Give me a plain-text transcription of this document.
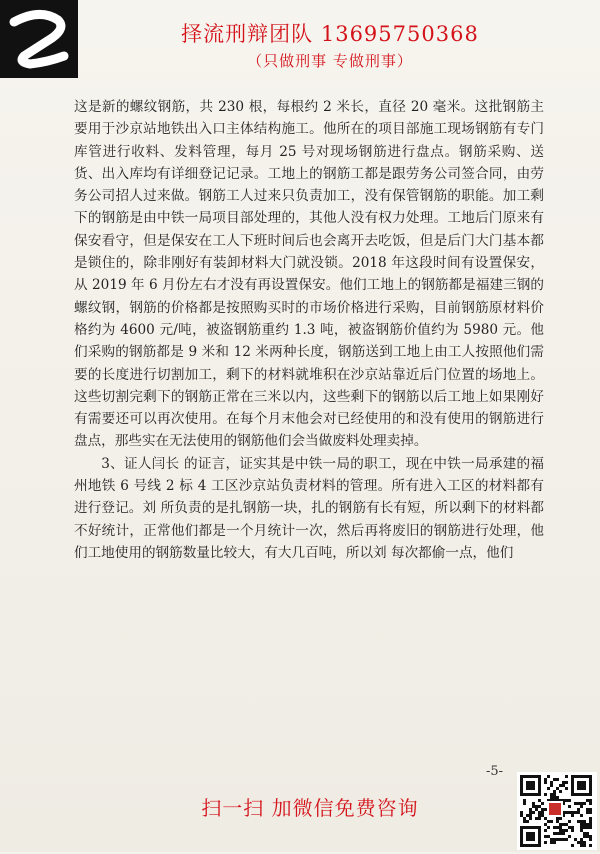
择流刑辩团队 13695750368
（只做刑事 专做刑事）

这是新的螺纹钢筋，共 230 根，每根约 2 米长，直径 20 毫米。这批钢筋主要用于沙京站地铁出入口主体结构施工。他所在的项目部施工现场钢筋有专门库管进行收料、发料管理，每月 25 号对现场钢筋进行盘点。钢筋采购、送货、出入库均有详细登记记录。工地上的钢筋工都是跟劳务公司签合同，由劳务公司招人过来做。钢筋工人过来只负责加工，没有保管钢筋的职能。加工剩下的钢筋是由中铁一局项目部处理的，其他人没有权力处理。工地后门原来有保安看守，但是保安在工人下班时间后也会离开去吃饭，但是后门大门基本都是锁住的，除非刚好有装卸材料大门就没锁。2018 年这段时间有设置保安，从 2019 年 6 月份左右才没有再设置保安。他们工地上的钢筋都是福建三钢的螺纹钢，钢筋的价格都是按照购买时的市场价格进行采购，目前钢筋原材料价格约为 4600 元/吨，被盗钢筋重约 1.3 吨，被盗钢筋价值约为 5980 元。他们采购的钢筋都是 9 米和 12 米两种长度，钢筋送到工地上由工人按照他们需要的长度进行切割加工，剩下的材料就堆积在沙京站靠近后门位置的场地上。这些切割完剩下的钢筋正常在三米以内，这些剩下的钢筋以后工地上如果刚好有需要还可以再次使用。在每个月末他会对已经使用的和没有使用的钢筋进行盘点，那些实在无法使用的钢筋他们会当做废料处理卖掉。

3、证人闫长 的证言，证实其是中铁一局的职工，现在中铁一局承建的福州地铁 6 号线 2 标 4 工区沙京站负责材料的管理。所有进入工区的材料都有进行登记。刘 所负责的是扎钢筋一块，扎的钢筋有长有短，所以剩下的材料都不好统计，正常他们都是一个月统计一次，然后再将废旧的钢筋进行处理，他们工地使用的钢筋数量比较大，有大几百吨，所以刘 每次都偷一点，他们

-5-
扫一扫 加微信免费咨询
